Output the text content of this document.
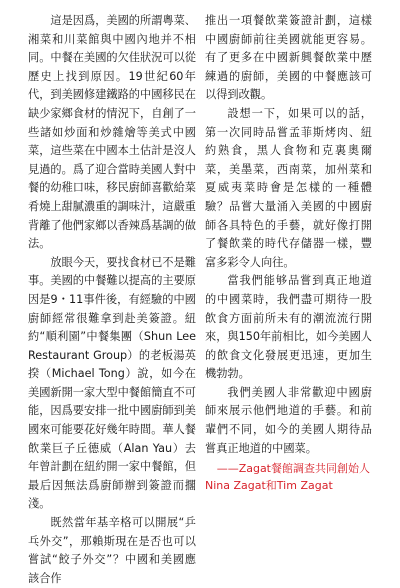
這是因爲，美國的所謂粵菜、湘菜和川菜館與中國內地并不相同。中餐在美國的欠佳狀況可以從歷史上找到原因。19世紀60年代，到美國修建鐵路的中國移民在缺少家鄉食材的情況下，自創了一些諸如炒面和炒雜燴等美式中國菜，這些菜在中國本土估計是沒人見過的。爲了迎合當時美國人對中餐的幼稚口味，移民廚師喜歡給菜肴燒上甜膩濃重的調味汁，這嚴重背離了他們家鄉以香辣爲基調的做法。

放眼今天，要找食材已不是難事。美國的中餐難以提高的主要原因是9・11事件後，有經驗的中國廚師經常很難拿到赴美簽證。紐約“順利園”中餐集團（Shun Lee Restaurant Group）的老板湯英揆（Michael Tong）說，如今在美國新開一家大型中餐館簡直不可能，因爲要安排一批中國廚師到美國來可能要花好幾年時間。華人餐飲業巨子丘德威（Alan Yau）去年曾計劃在紐約開一家中餐館，但最后因無法爲廚師辦到簽證而擱淺。

既然當年基辛格可以開展“乒乓外交”，那賴斯現在是否也可以嘗試“餃子外交”？中國和美國應該合作

推出一項餐飲業簽證計劃，這樣中國廚師前往美國就能更容易。有了更多在中國新興餐飲業中歷練過的廚師，美國的中餐應該可以得到改觀。

設想一下，如果可以的話，第一次同時品嘗孟菲斯烤肉、紐約熟食，黑人食物和克裏奧爾菜，美墨菜，西南菜，加州菜和夏威夷菜時會是怎樣的一種體驗？品嘗大量涌入美國的中國廚師各具特色的手藝，就好像打開了餐飲業的時代存儲器一樣，豐富多彩令人向往。

當我們能够品嘗到真正地道的中國菜時，我們盡可期待一股飲食方面前所未有的潮流流行開來，與150年前相比，如今美國人的飲食文化發展更迅速，更加生機勃勃。

我們美國人非常歡迎中國廚師來展示他們地道的手藝。和前輩們不同，如今的美國人期待品嘗真正地道的中國菜。

——Zagat餐館調查共同創始人
Nina Zagat和Tim Zagat
